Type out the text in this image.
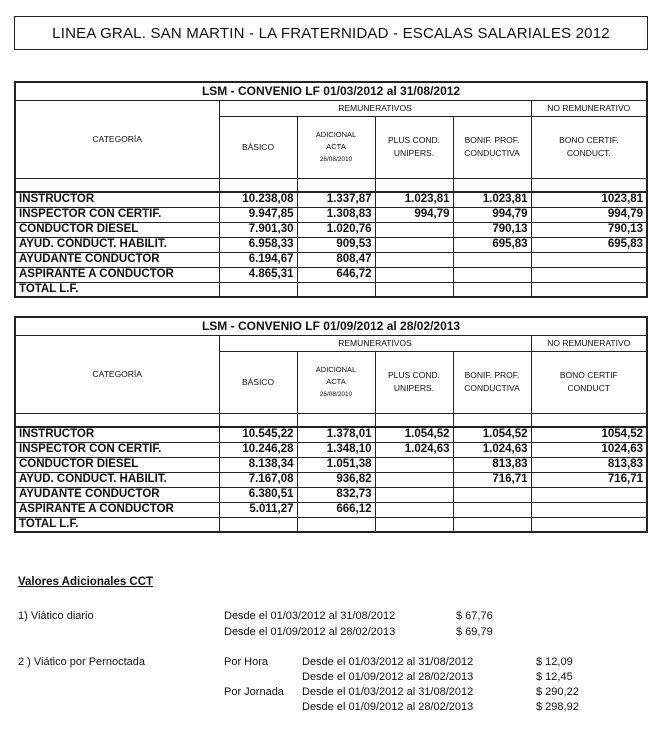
LINEA GRAL. SAN MARTIN - LA FRATERNIDAD - ESCALAS SALARIALES 2012
LSM - CONVENIO LF 01/03/2012 al 31/08/2012					
CATEGORÍA	REMUNERATIVOS				NO REMUNERATIVO
	BÁSICO	ADICIONAL
ACTA
26/08/2010	PLUS COND.
UNIPERS.	BONIF. PROF.
CONDUCTIVA	BONO CERTIF.
CONDUCT.

INSTRUCTOR	10.238,08	1.337,87	1.023,81	1.023,81	1023,81
INSPECTOR CON CERTIF.	9.947,85	1.308,83	994,79	994,79	994,79
CONDUCTOR DIESEL	7.901,30	1.020,76		790,13	790,13
AYUD. CONDUCT. HABILIT.	6.958,33	909,53		695,83	695,83
AYUDANTE CONDUCTOR	6.194,67	808,47			
ASPIRANTE A CONDUCTOR	4.865,31	646,72			
TOTAL L.F.					
LSM - CONVENIO LF 01/09/2012 al 28/02/2013					
CATEGORÍA	REMUNERATIVOS				NO REMUNERATIVO
	BÁSICO	ADICIONAL
ACTA
26/08/2010	PLUS COND.
UNIPERS.	BONIF. PROF.
CONDUCTIVA	BONO CERTIF
CONDUCT

INSTRUCTOR	10.545,22	1.378,01	1.054,52	1.054,52	1054,52
INSPECTOR CON CERTIF.	10.246,28	1.348,10	1.024,63	1.024,63	1024,63
CONDUCTOR DIESEL	8.138,34	1.051,38		813,83	813,83
AYUD. CONDUCT. HABILIT.	7.167,08	936,82		716,71	716,71
AYUDANTE CONDUCTOR	6.380,51	832,73			
ASPIRANTE A CONDUCTOR	5.011,27	666,12			
TOTAL L.F.					
Valores Adicionales CCT
1) Viático diario	Desde el 01/03/2012 al 31/08/2012	$ 67,76
Desde el 01/09/2012 al 28/02/2013	$ 69,79
2 ) Viático por Pernoctada	Por Hora	Desde el 01/03/2012 al 31/08/2012	$ 12,09
Desde el 01/09/2012 al 28/02/2013	$ 12,45
Por Jornada Desde el 01/03/2012 al 31/08/2012	$ 290,22
Desde el 01/09/2012 al 28/02/2013	$ 298,92
